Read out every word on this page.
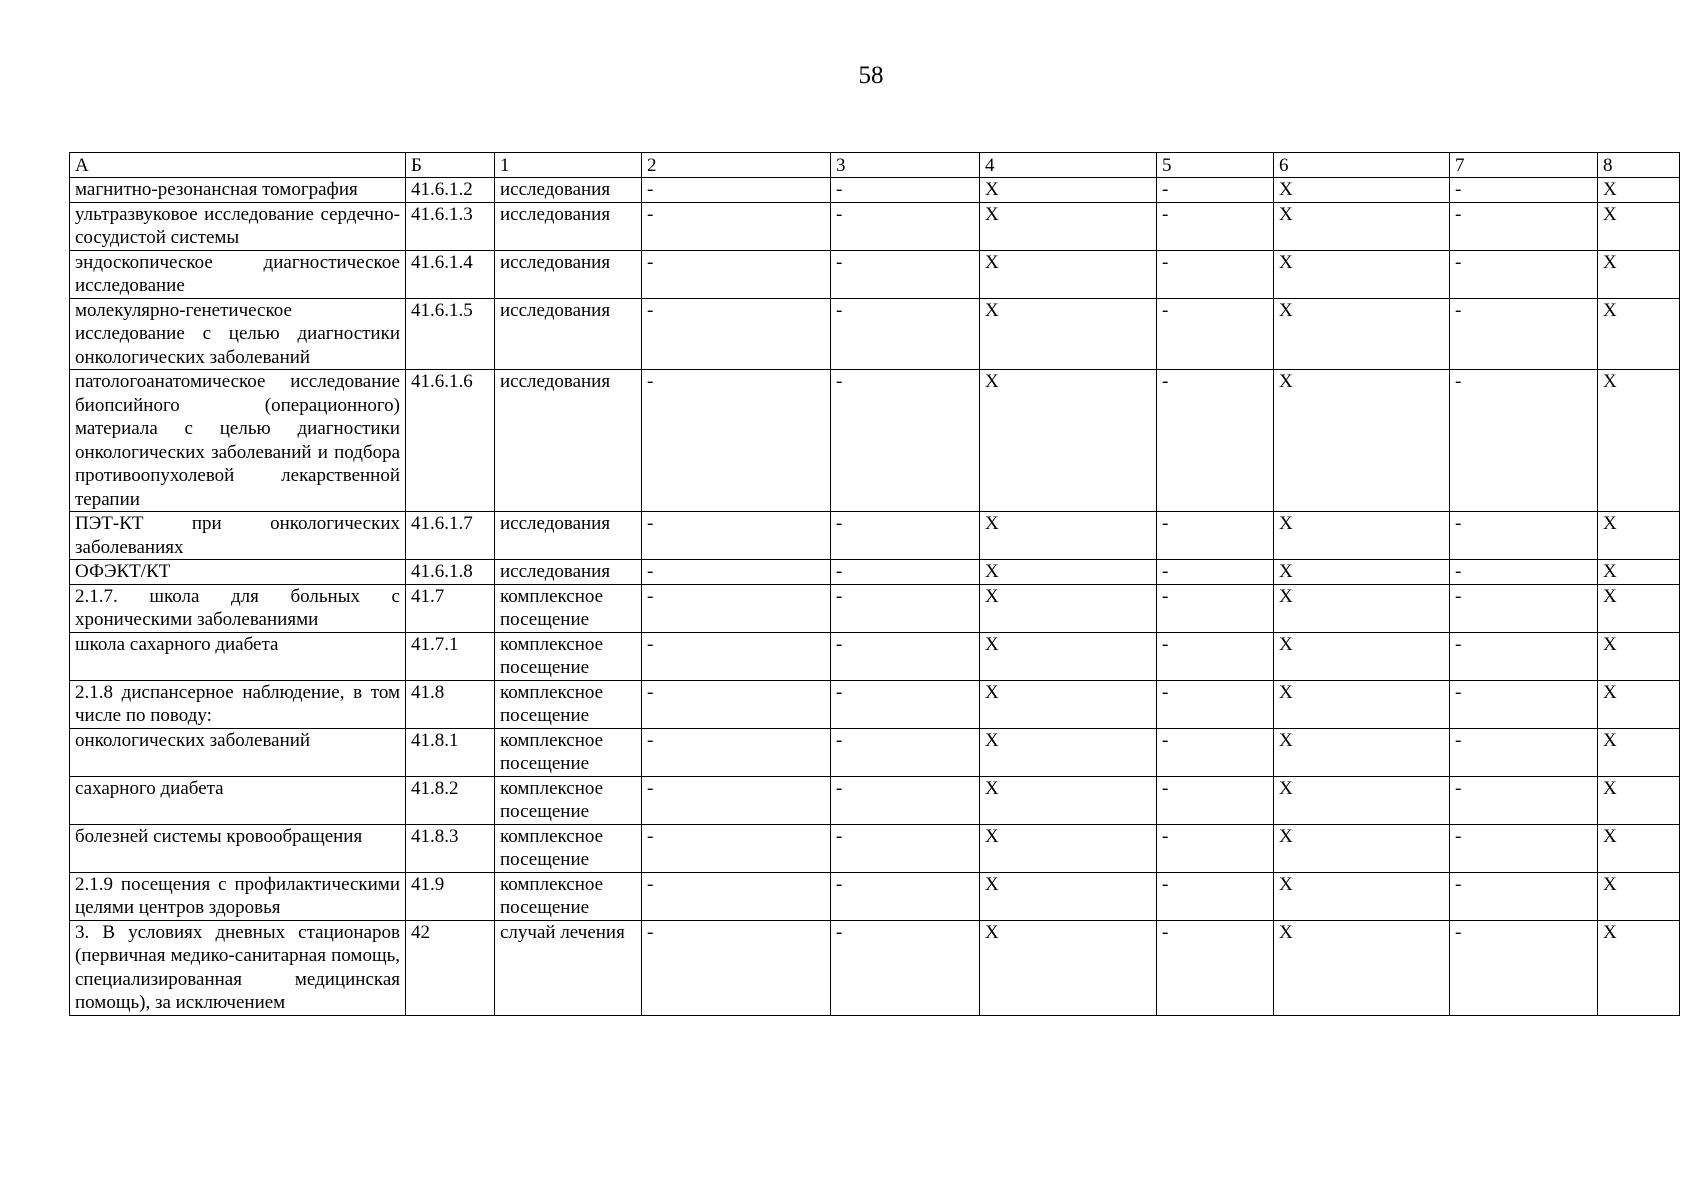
58
А	Б	1	2	3	4	5	6	7	8
магнитно-резонансная томография	41.6.1.2	исследования	-	-	X	-	X	-	X
ультразвуковое исследование сердечно-сосудистой системы	41.6.1.3	исследования	-	-	X	-	X	-	X
эндоскопическое диагностическое исследование	41.6.1.4	исследования	-	-	X	-	X	-	X
молекулярно-генетическое исследование с целью диагностики онкологических заболеваний	41.6.1.5	исследования	-	-	X	-	X	-	X
патологоанатомическое исследование биопсийного (операционного) материала с целью диагностики онкологических заболеваний и подбора противоопухолевой лекарственной терапии	41.6.1.6	исследования	-	-	X	-	X	-	X
ПЭТ-КТ при онкологических заболеваниях	41.6.1.7	исследования	-	-	X	-	X	-	X
ОФЭКТ/КТ	41.6.1.8	исследования	-	-	X	-	X	-	X
2.1.7. школа для больных с хроническими заболеваниями	41.7	комплексное посещение	-	-	X	-	X	-	X
школа сахарного диабета	41.7.1	комплексное посещение	-	-	X	-	X	-	X
2.1.8 диспансерное наблюдение, в том числе по поводу:	41.8	комплексное посещение	-	-	X	-	X	-	X
онкологических заболеваний	41.8.1	комплексное посещение	-	-	X	-	X	-	X
сахарного диабета	41.8.2	комплексное посещение	-	-	X	-	X	-	X
болезней системы кровообращения	41.8.3	комплексное посещение	-	-	X	-	X	-	X
2.1.9 посещения с профилактическими целями центров здоровья	41.9	комплексное посещение	-	-	X	-	X	-	X
3. В условиях дневных стационаров (первичная медико-санитарная помощь, специализированная медицинская помощь), за исключением	42	случай лечения	-	-	X	-	X	-	X
